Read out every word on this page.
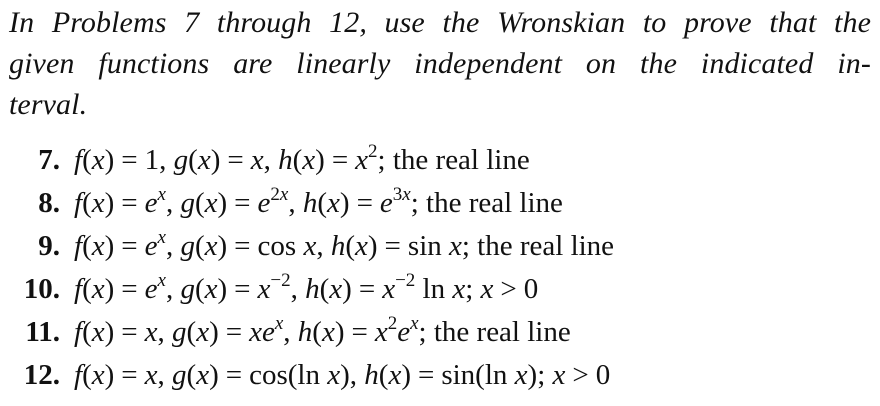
In Problems 7 through 12, use the Wronskian to prove that the
given functions are linearly independent on the indicated in-
terval.
7. f(x) = 1, g(x) = x, $h(x) = x^2$; the real line
8. $f(x) = e^x$, $g(x) = e^{2x}$, $h(x) = e^{3x}$; the real line
9. $f(x) = e^x$, g(x) = cos x, h(x) = sin x; the real line
10. $f(x) = e^x$, $g(x) = x^{-2}$, $h(x) = x^{-2}$ ln x; x > 0
11. f(x) = x, $g(x) = xe^x$, $h(x) = x^2e^x$; the real line
12. f(x) = x, g(x) = cos(ln x), h(x) = sin(ln x); x > 0
